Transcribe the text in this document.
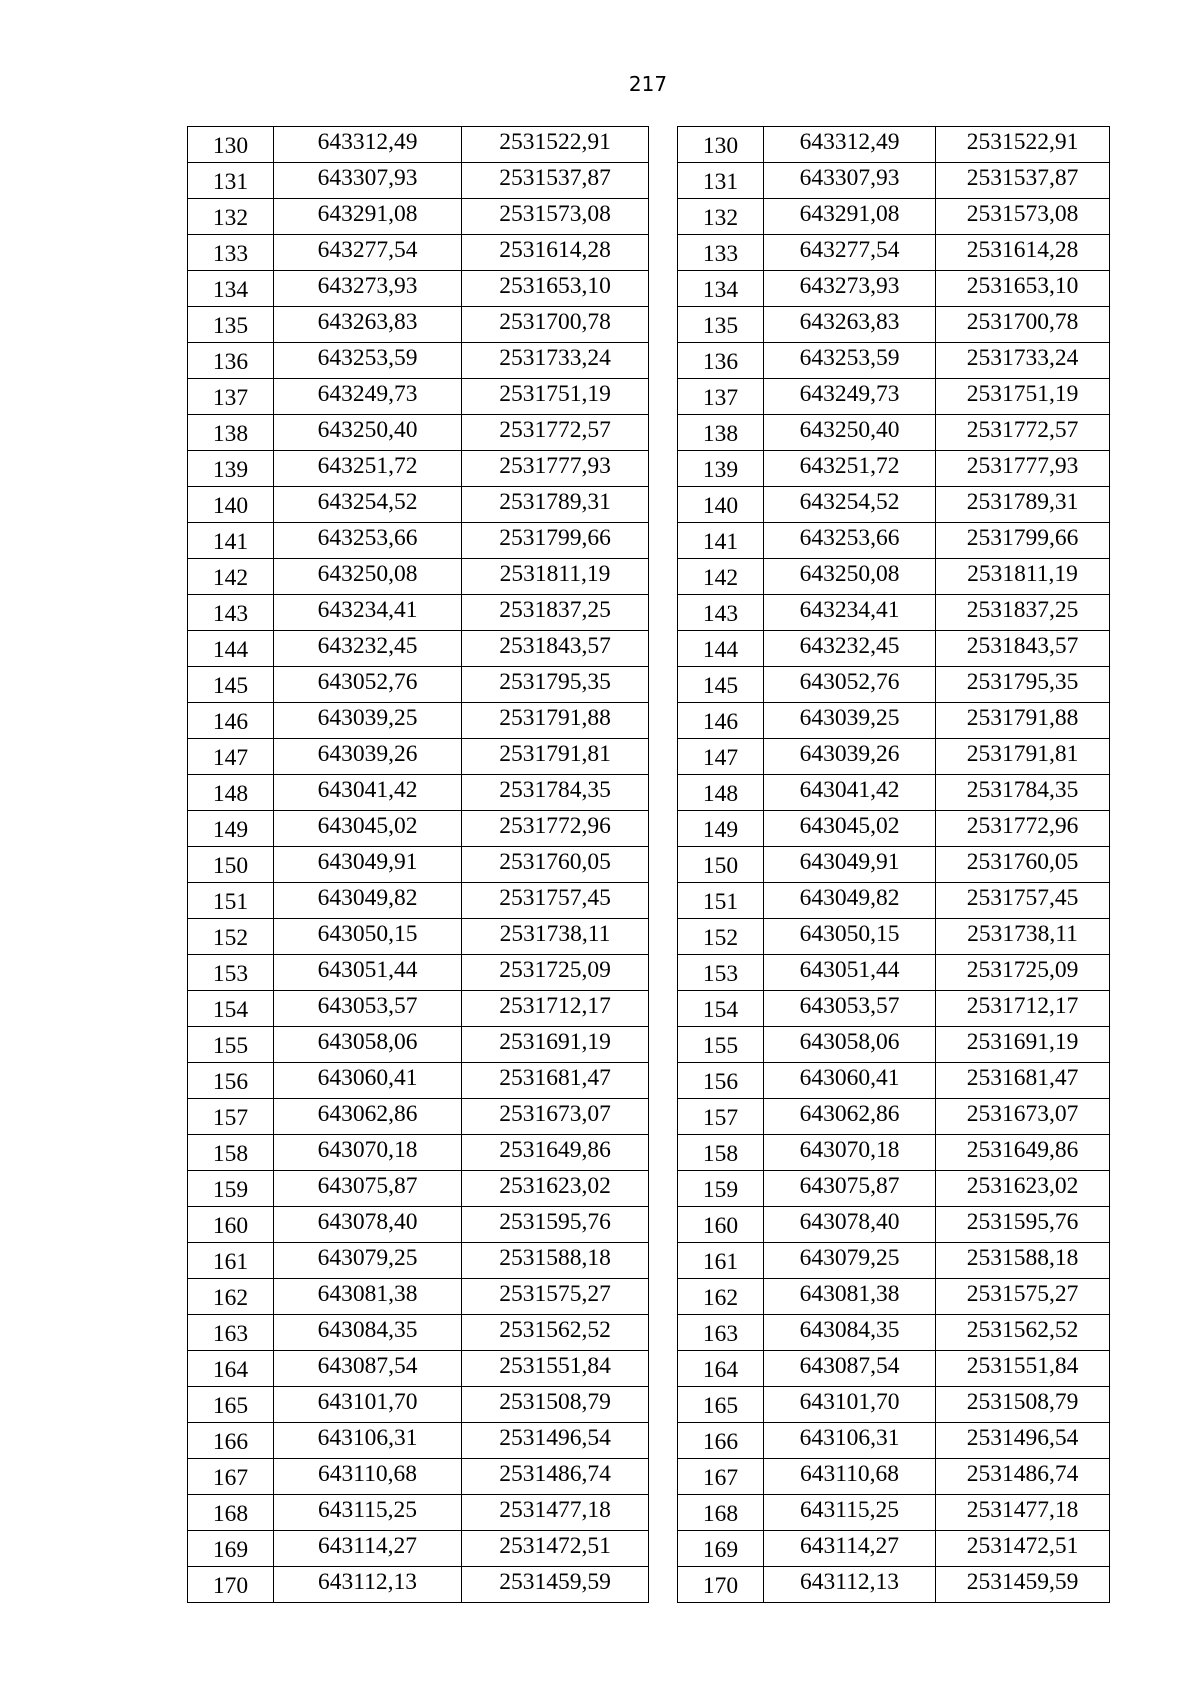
217
130	643312,49	2531522,91
131	643307,93	2531537,87
132	643291,08	2531573,08
133	643277,54	2531614,28
134	643273,93	2531653,10
135	643263,83	2531700,78
136	643253,59	2531733,24
137	643249,73	2531751,19
138	643250,40	2531772,57
139	643251,72	2531777,93
140	643254,52	2531789,31
141	643253,66	2531799,66
142	643250,08	2531811,19
143	643234,41	2531837,25
144	643232,45	2531843,57
145	643052,76	2531795,35
146	643039,25	2531791,88
147	643039,26	2531791,81
148	643041,42	2531784,35
149	643045,02	2531772,96
150	643049,91	2531760,05
151	643049,82	2531757,45
152	643050,15	2531738,11
153	643051,44	2531725,09
154	643053,57	2531712,17
155	643058,06	2531691,19
156	643060,41	2531681,47
157	643062,86	2531673,07
158	643070,18	2531649,86
159	643075,87	2531623,02
160	643078,40	2531595,76
161	643079,25	2531588,18
162	643081,38	2531575,27
163	643084,35	2531562,52
164	643087,54	2531551,84
165	643101,70	2531508,79
166	643106,31	2531496,54
167	643110,68	2531486,74
168	643115,25	2531477,18
169	643114,27	2531472,51
170	643112,13	2531459,59
130	643312,49	2531522,91
131	643307,93	2531537,87
132	643291,08	2531573,08
133	643277,54	2531614,28
134	643273,93	2531653,10
135	643263,83	2531700,78
136	643253,59	2531733,24
137	643249,73	2531751,19
138	643250,40	2531772,57
139	643251,72	2531777,93
140	643254,52	2531789,31
141	643253,66	2531799,66
142	643250,08	2531811,19
143	643234,41	2531837,25
144	643232,45	2531843,57
145	643052,76	2531795,35
146	643039,25	2531791,88
147	643039,26	2531791,81
148	643041,42	2531784,35
149	643045,02	2531772,96
150	643049,91	2531760,05
151	643049,82	2531757,45
152	643050,15	2531738,11
153	643051,44	2531725,09
154	643053,57	2531712,17
155	643058,06	2531691,19
156	643060,41	2531681,47
157	643062,86	2531673,07
158	643070,18	2531649,86
159	643075,87	2531623,02
160	643078,40	2531595,76
161	643079,25	2531588,18
162	643081,38	2531575,27
163	643084,35	2531562,52
164	643087,54	2531551,84
165	643101,70	2531508,79
166	643106,31	2531496,54
167	643110,68	2531486,74
168	643115,25	2531477,18
169	643114,27	2531472,51
170	643112,13	2531459,59
